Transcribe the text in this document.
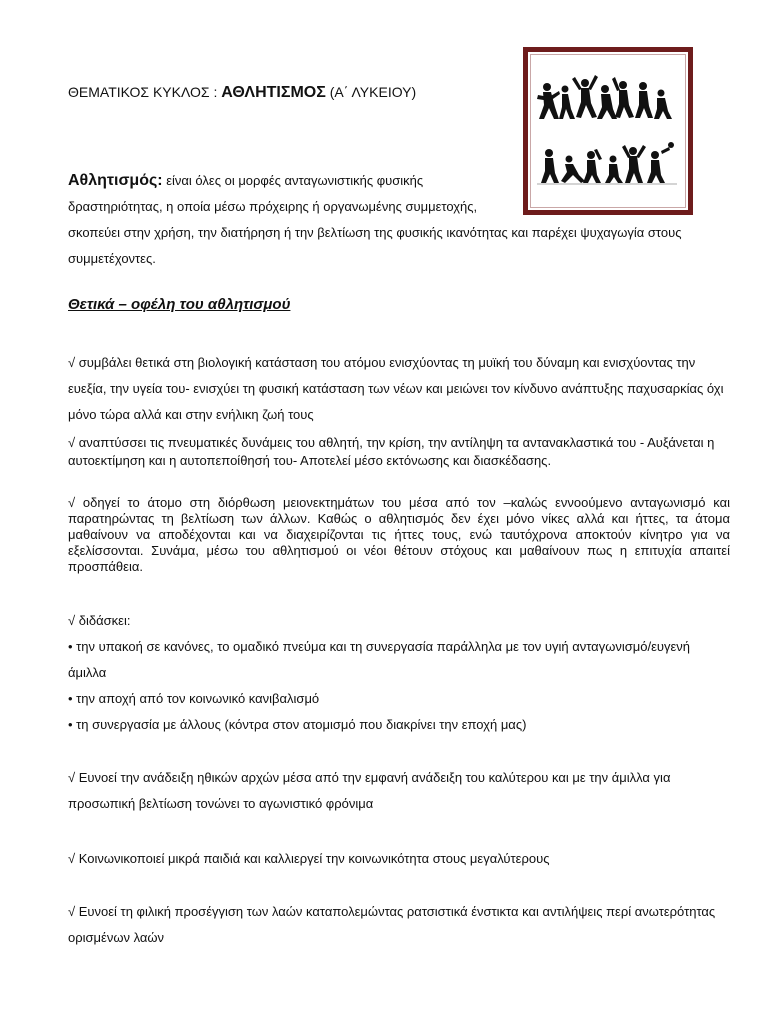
ΘΕΜΑΤΙΚΟΣ ΚΥΚΛΟΣ : ΑΘΛΗΤΙΣΜΟΣ (Α΄ ΛΥΚΕΙΟΥ)
Αθλητισμός: είναι όλες οι μορφές ανταγωνιστικής φυσικής
δραστηριότητας, η οποία μέσω πρόχειρης ή οργανωμένης συμμετοχής,
σκοπεύει στην χρήση, την διατήρηση ή την βελτίωση της φυσικής ικανότητας και παρέχει ψυχαγωγία στους συμμετέχοντες.
Θετικά – οφέλη του αθλητισμού
√ συμβάλει θετικά στη βιολογική κατάσταση του ατόμου ενισχύοντας τη μυϊκή του δύναμη και ενισχύοντας την ευεξία, την υγεία του- ενισχύει τη φυσική κατάσταση των νέων και μειώνει τον κίνδυνο ανάπτυξης παχυσαρκίας όχι μόνο τώρα αλλά και στην ενήλικη ζωή τους
√ αναπτύσσει τις πνευματικές δυνάμεις του αθλητή, την κρίση, την αντίληψη τα αντανακλαστικά του - Αυξάνεται η αυτοεκτίμηση και η αυτοπεποίθησή του- Αποτελεί μέσο εκτόνωσης και διασκέδασης.
√ οδηγεί το άτομο στη διόρθωση μειονεκτημάτων του μέσα από τον –καλώς εννοούμενο ανταγωνισμό και παρατηρώντας τη βελτίωση των άλλων. Καθώς ο αθλητισμός δεν έχει μόνο νίκες αλλά και ήττες, τα άτομα μαθαίνουν να αποδέχονται και να διαχειρίζονται τις ήττες τους, ενώ ταυτόχρονα αποκτούν κίνητρο για να εξελίσσονται. Συνάμα, μέσω του αθλητισμού οι νέοι θέτουν στόχους και μαθαίνουν πως η επιτυχία απαιτεί προσπάθεια.
√ διδάσκει:
• την υπακοή σε κανόνες, το ομαδικό πνεύμα και τη συνεργασία παράλληλα με τον υγιή ανταγωνισμό/ευγενή άμιλλα
• την αποχή από τον κοινωνικό κανιβαλισμό
• τη συνεργασία με άλλους (κόντρα στον ατομισμό που διακρίνει την εποχή μας)
√ Ευνοεί την ανάδειξη ηθικών αρχών μέσα από την εμφανή ανάδειξη του καλύτερου και με την άμιλλα για προσωπική βελτίωση τονώνει το αγωνιστικό φρόνιμα
√ Κοινωνικοποιεί μικρά παιδιά και καλλιεργεί την κοινωνικότητα στους μεγαλύτερους
√ Ευνοεί τη φιλική προσέγγιση των λαών καταπολεμώντας ρατσιστικά ένστικτα και αντιλήψεις περί ανωτερότητας ορισμένων λαών
